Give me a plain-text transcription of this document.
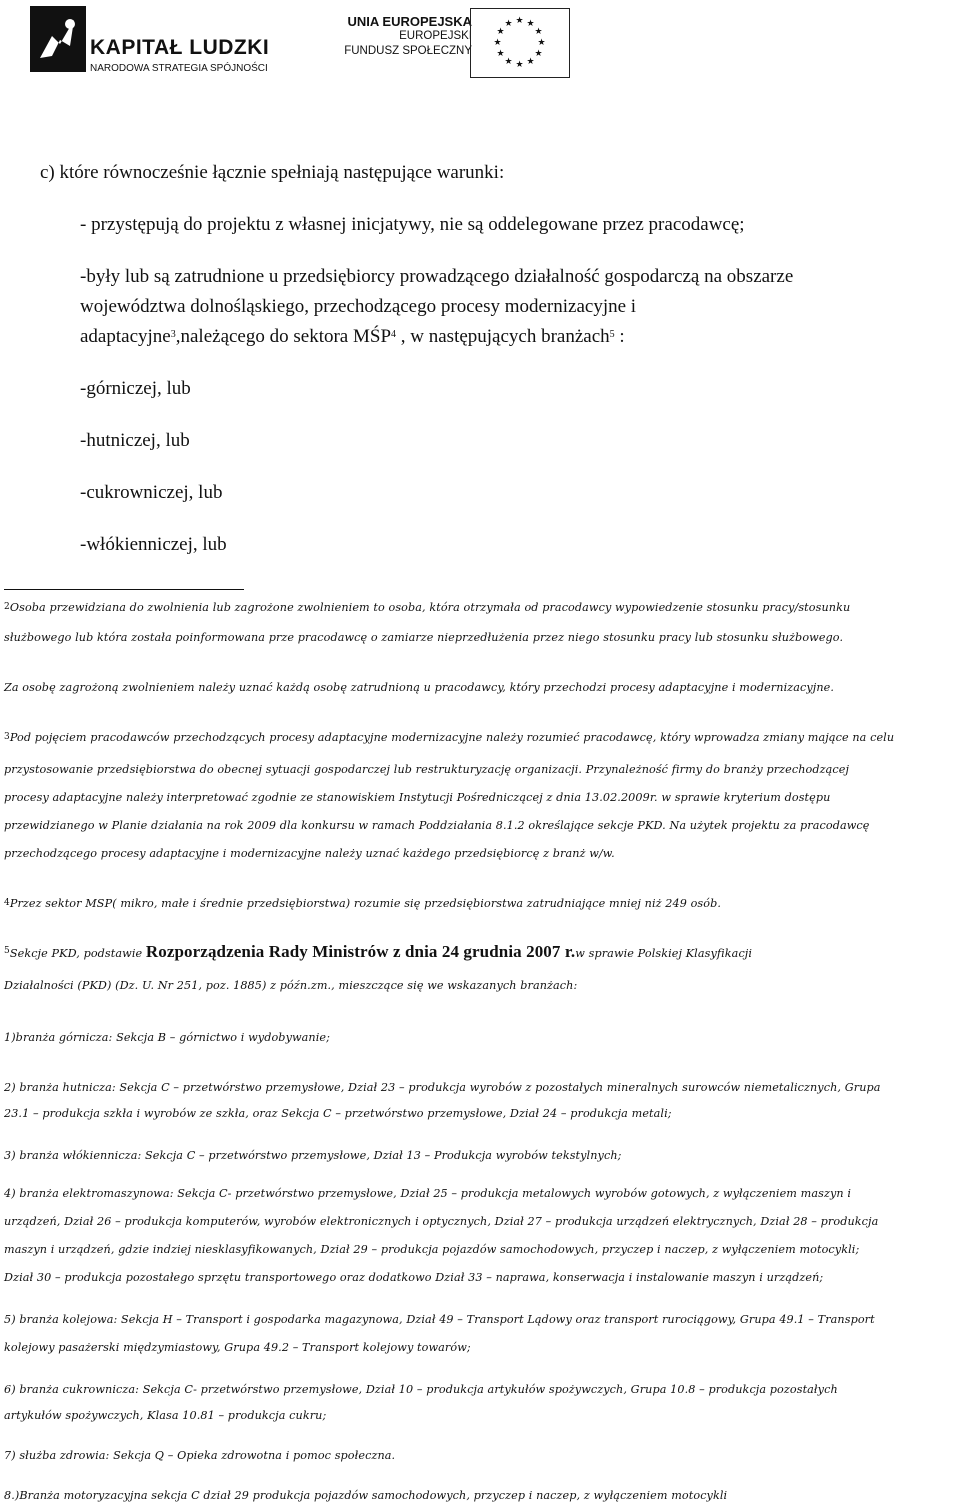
KAPITAŁ LUDZKI
NARODOWA STRATEGIA SPÓJNOŚCI
UNIA EUROPEJSKA
EUROPEJSKI
FUNDUSZ SPOŁECZNY
★ ★
★
★
★
★
★
★
★
★
★
★
c) które równocześnie łącznie spełniają następujące warunki:
- przystępują do projektu z własnej inicjatywy, nie są oddelegowane przez pracodawcę;
-były lub są zatrudnione u przedsiębiorcy prowadzącego działalność gospodarczą na obszarze
województwa dolnośląskiego, przechodzącego procesy modernizacyjne i
adaptacyjne$^3$,należącego do sektora MŚP$^4$ , w następujących branżach$^5$ :
-górniczej, lub
-hutniczej, lub
-cukrowniczej, lub
-włókienniczej, lub
$^2$Osoba przewidziana do zwolnienia lub zagrożone zwolnieniem to osoba, która otrzymała od pracodawcy wypowiedzenie stosunku pracy/stosunku
służbowego lub która została poinformowana prze pracodawcę o zamiarze nieprzedłużenia przez niego stosunku pracy lub stosunku służbowego.
Za osobę zagrożoną zwolnieniem należy uznać każdą osobę zatrudnioną u pracodawcy, który przechodzi procesy adaptacyjne i modernizacyjne.
$^3$Pod pojęciem pracodawców przechodzących procesy adaptacyjne modernizacyjne należy rozumieć pracodawcę, który wprowadza zmiany mające na celu
przystosowanie przedsiębiorstwa do obecnej sytuacji gospodarczej lub restrukturyzację organizacji. Przynależność firmy do branży przechodzącej
procesy adaptacyjne należy interpretować zgodnie ze stanowiskiem Instytucji Pośredniczącej z dnia 13.02.2009r. w sprawie kryterium dostępu
przewidzianego w Planie działania na rok 2009 dla konkursu w ramach Poddziałania 8.1.2 określające sekcje PKD. Na użytek projektu za pracodawcę
przechodzącego procesy adaptacyjne i modernizacyjne należy uznać każdego przedsiębiorcę z branż w/w.
$^4$Przez sektor MSP( mikro, małe i średnie przedsiębiorstwa) rozumie się przedsiębiorstwa zatrudniające mniej niż 249 osób.
$^5$Sekcje PKD, podstawie Rozporządzenia Rady Ministrów z dnia 24 grudnia 2007 r.w sprawie Polskiej Klasyfikacji
Działalności (PKD) (Dz. U. Nr 251, poz. 1885) z późn.zm., mieszczące się we wskazanych branżach:
1)branża górnicza: Sekcja B – górnictwo i wydobywanie;
2) branża hutnicza: Sekcja C – przetwórstwo przemysłowe, Dział 23 – produkcja wyrobów z pozostałych mineralnych surowców niemetalicznych, Grupa
23.1 – produkcja szkła i wyrobów ze szkła, oraz Sekcja C – przetwórstwo przemysłowe, Dział 24 – produkcja metali;
3) branża włókiennicza: Sekcja C – przetwórstwo przemysłowe, Dział 13 – Produkcja wyrobów tekstylnych;
4) branża elektromaszynowa: Sekcja C- przetwórstwo przemysłowe, Dział 25 – produkcja metalowych wyrobów gotowych, z wyłączeniem maszyn i
urządzeń, Dział 26 – produkcja komputerów, wyrobów elektronicznych i optycznych, Dział 27 – produkcja urządzeń elektrycznych, Dział 28 – produkcja
maszyn i urządzeń, gdzie indziej niesklasyfikowanych, Dział 29 – produkcja pojazdów samochodowych, przyczep i naczep, z wyłączeniem motocykli;
Dział 30 – produkcja pozostałego sprzętu transportowego oraz dodatkowo Dział 33 – naprawa, konserwacja i instalowanie maszyn i urządzeń;
5) branża kolejowa: Sekcja H – Transport i gospodarka magazynowa, Dział 49 – Transport Lądowy oraz transport rurociągowy, Grupa 49.1 – Transport
kolejowy pasażerski międzymiastowy, Grupa 49.2 – Transport kolejowy towarów;
6) branża cukrownicza: Sekcja C- przetwórstwo przemysłowe, Dział 10 – produkcja artykułów spożywczych, Grupa 10.8 – produkcja pozostałych
artykułów spożywczych, Klasa 10.81 – produkcja cukru;
7) służba zdrowia: Sekcja Q – Opieka zdrowotna i pomoc społeczna.
8.)Branża motoryzacyjna sekcja C dział 29 produkcja pojazdów samochodowych, przyczep i naczep, z wyłączeniem motocykli
